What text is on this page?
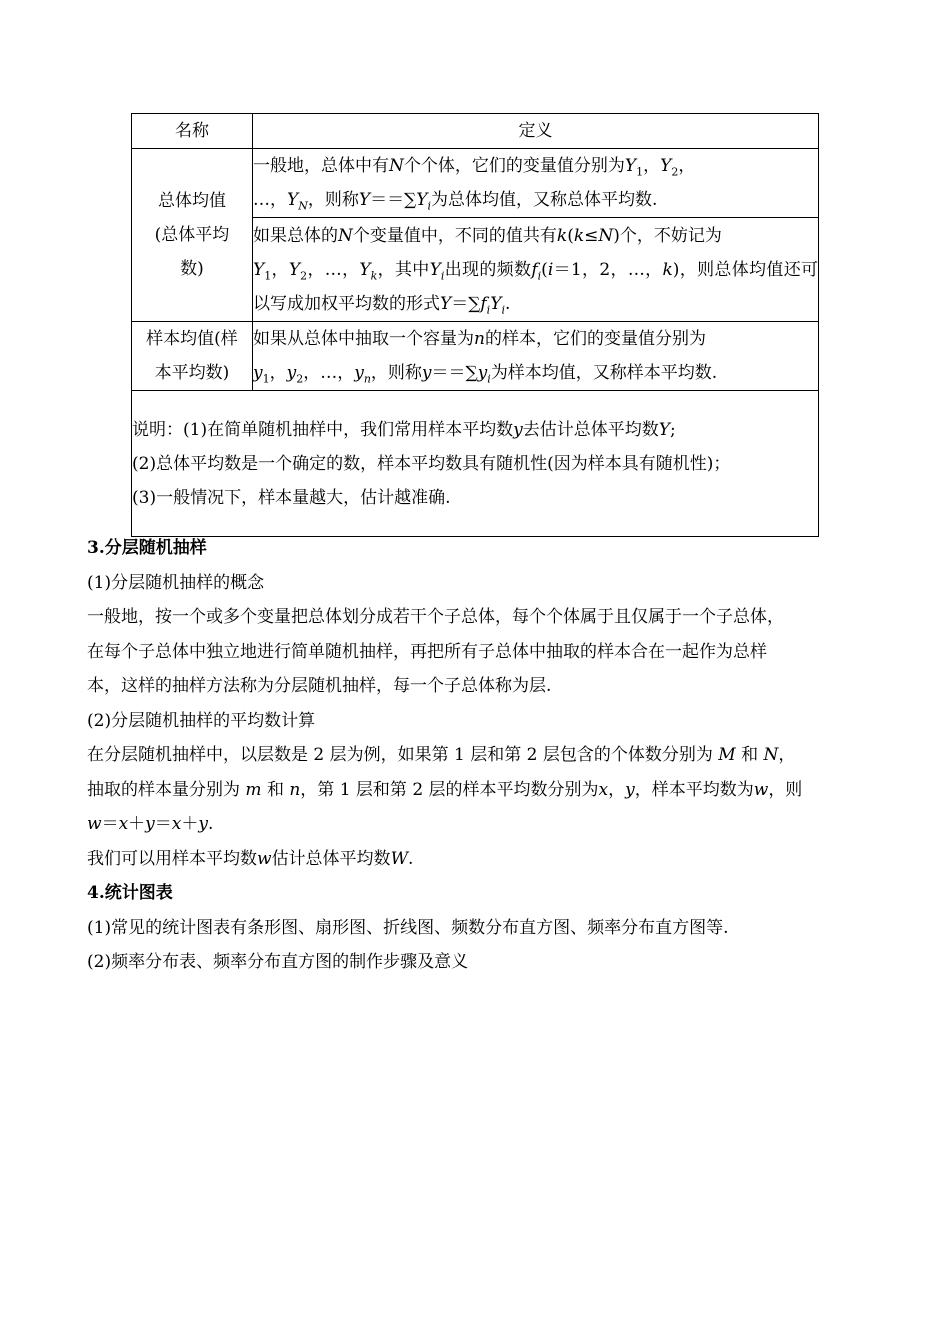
名称	定义
总体均值
(总体平均
数)	一般地，总体中有N个个体，它们的变量值分别为$Y_1$，$Y_2$，
…，$Y_N$，则称$Y==\sum Y_i$为总体均值，又称总体平均数.
	如果总体的N个变量值中，不同的值共有k(k≤N)个，不妨记为
$Y_1$，$Y_2$，…，$Y_k$，其中$Y_i$出现的频数$f_i(i=1$，2，…，k)，则总体均值还可以写成加权平均数的形式$Y=\sum f_iY_i$.
样本均值(样
本平均数)	如果从总体中抽取一个容量为n的样本，它们的变量值分别为
$y_1$，$y_2$，…，$y_n$，则称$y==\sum y_i$为样本均值，又称样本平均数.
说明：(1)在简单随机抽样中，我们常用样本平均数y去估计总体平均数Y;
(2)总体平均数是一个确定的数，样本平均数具有随机性(因为样本具有随机性)；
(3)一般情况下，样本量越大，估计越准确.	

3.分层随机抽样

(1)分层随机抽样的概念

一般地，按一个或多个变量把总体划分成若干个子总体，每个个体属于且仅属于一个子总体，

在每个子总体中独立地进行简单随机抽样，再把所有子总体中抽取的样本合在一起作为总样

本，这样的抽样方法称为分层随机抽样，每一个子总体称为层.

(2)分层随机抽样的平均数计算

在分层随机抽样中，以层数是 2 层为例，如果第 1 层和第 2 层包含的个体数分别为 M 和 N，

抽取的样本量分别为 m 和 n，第 1 层和第 2 层的样本平均数分别为x，y，样本平均数为w，则

w＝x＋y＝x＋y.

我们可以用样本平均数w估计总体平均数W.

4.统计图表

(1)常见的统计图表有条形图、扇形图、折线图、频数分布直方图、频率分布直方图等.

(2)频率分布表、频率分布直方图的制作步骤及意义
